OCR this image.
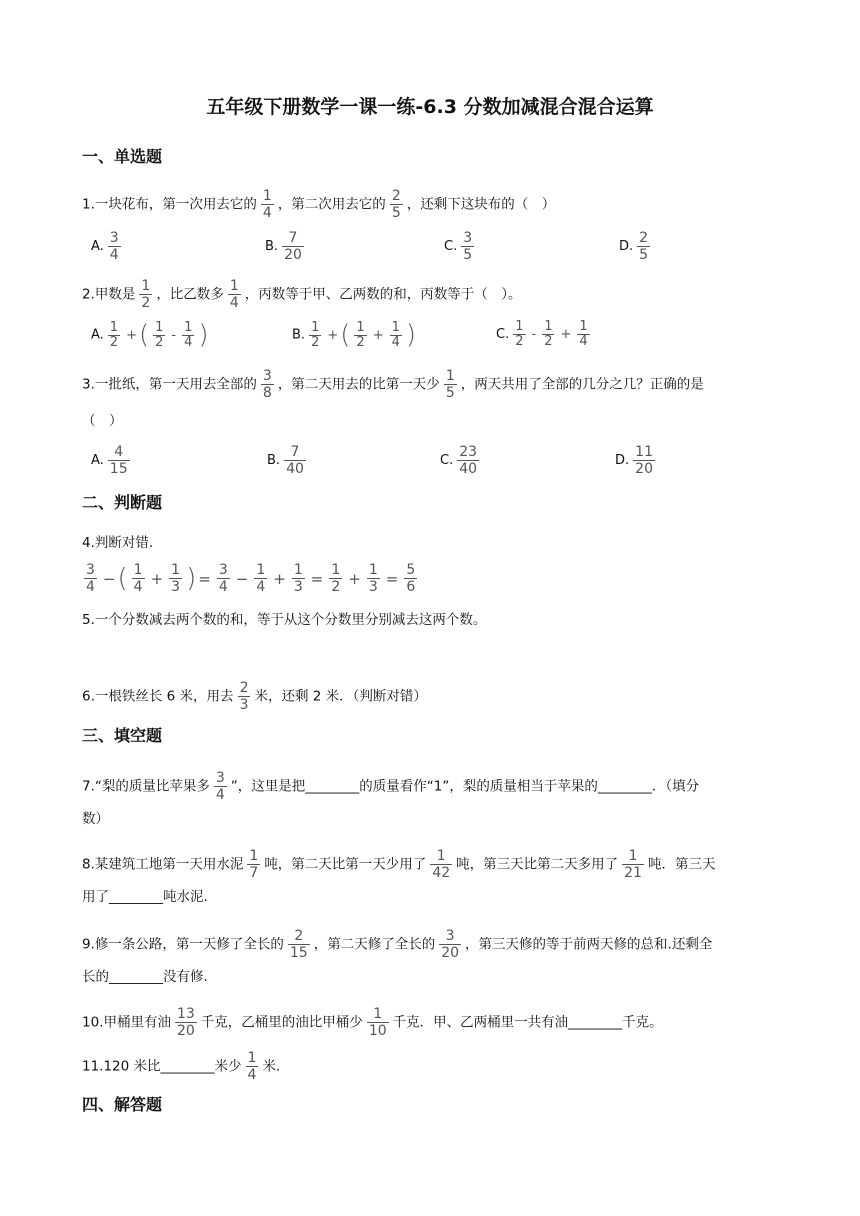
五年级下册数学一课一练-6.3 分数加减混合混合运算
一、单选题
1.一块花布，第一次用去它的 $\frac{1}{4}$ ，第二次用去它的 $\frac{2}{5}$ ，还剩下这块布的（　）
A. $\frac{3}{4}$	B. $\frac{7}{20}$	C. $\frac{3}{5}$	D. $\frac{2}{5}$
2.甲数是 $\frac{1}{2}$ ，比乙数多 $\frac{1}{4}$ ，丙数等于甲、乙两数的和，丙数等于（　）。
A. $\frac{1}{2}$ +( $\frac{1}{2} - \frac{1}{4}$ )	B. $\frac{1}{2}$ +( $\frac{1}{2} + \frac{1}{4}$ )	C. $\frac{1}{2} - \frac{1}{2} + \frac{1}{4}$
3.一批纸，第一天用去全部的 $\frac{3}{8}$ ，第二天用去的比第一天少 $\frac{1}{5}$ ，两天共用了全部的几分之几？正确的是
（　）
A. $\frac{4}{15}$	B. $\frac{7}{40}$	C. $\frac{23}{40}$	D. $\frac{11}{20}$
二、判断题
4.判断对错.
$\frac{3}{4}$ −( $\frac{1}{4} + \frac{1}{3}$ ) = $\frac{3}{4} - \frac{1}{4} + \frac{1}{3} = \frac{1}{2} + \frac{1}{3} = \frac{5}{6}$
5.一个分数减去两个数的和，等于从这个分数里分别减去这两个数。
6.一根铁丝长 6 米，用去 $\frac{2}{3}$ 米，还剩 2 米．（判断对错）
三、填空题
7.“梨的质量比苹果多 $\frac{3}{4}$ ”，这里是把________的质量看作“1”，梨的质量相当于苹果的________．（填分
数）
8.某建筑工地第一天用水泥 $\frac{1}{7}$ 吨，第二天比第一天少用了 $\frac{1}{42}$ 吨，第三天比第二天多用了 $\frac{1}{21}$ 吨．第三天
用了________吨水泥.
9.修一条公路，第一天修了全长的 $\frac{2}{15}$ ，第二天修了全长的 $\frac{3}{20}$ ，第三天修的等于前两天修的总和.还剩全
长的________没有修.
10.甲桶里有油 $\frac{13}{20}$ 千克，乙桶里的油比甲桶少 $\frac{1}{10}$ 千克．甲、乙两桶里一共有油________千克。
11.120 米比________米少 $\frac{1}{4}$ 米.
四、解答题
